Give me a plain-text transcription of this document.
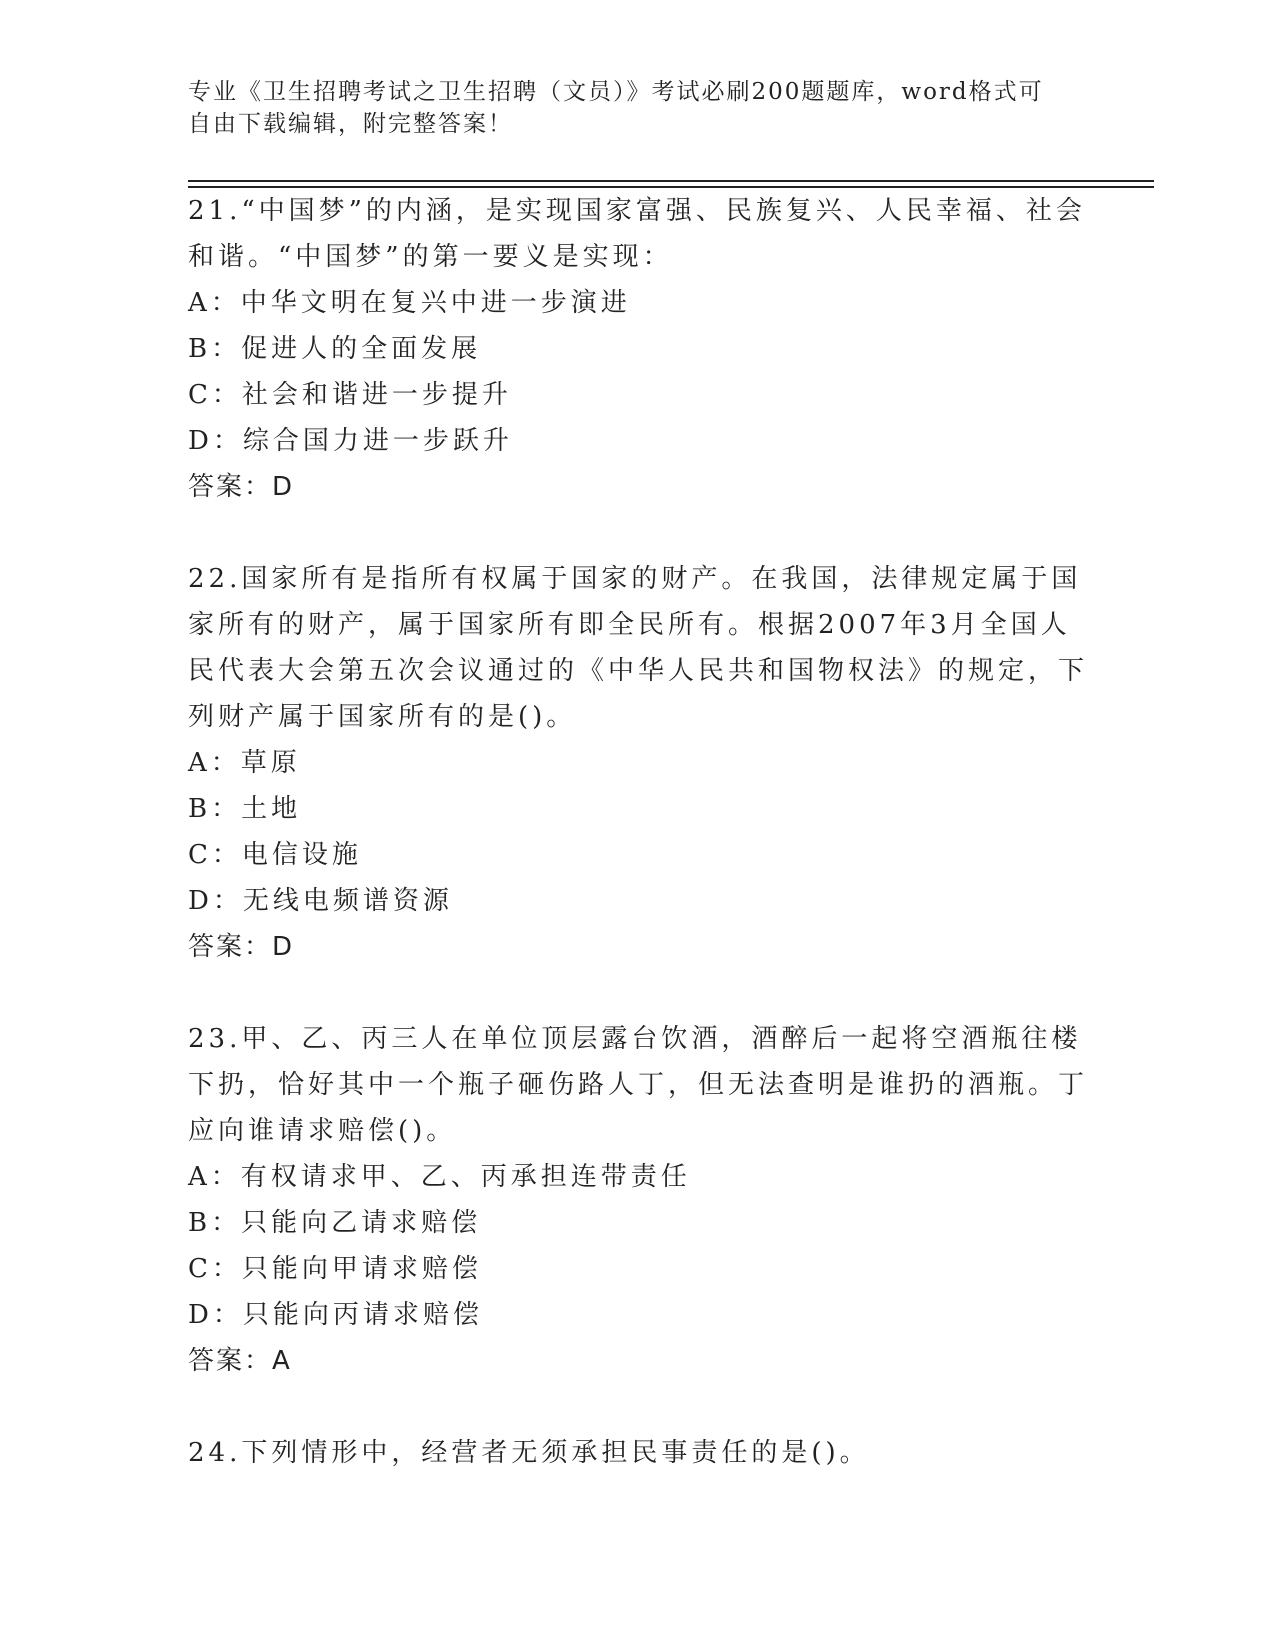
专业《卫生招聘考试之卫生招聘（文员）》考试必刷200题题库，word格式可自由下载编辑，附完整答案！

21.“中国梦”的内涵，是实现国家富强、民族复兴、人民幸福、社会和谐。“中国梦”的第一要义是实现：

A：中华文明在复兴中进一步演进

B：促进人的全面发展

C：社会和谐进一步提升

D：综合国力进一步跃升

答案：D

22.国家所有是指所有权属于国家的财产。在我国，法律规定属于国家所有的财产，属于国家所有即全民所有。根据2007年3月全国人民代表大会第五次会议通过的《中华人民共和国物权法》的规定，下列财产属于国家所有的是()。

A：草原

B：土地

C：电信设施

D：无线电频谱资源

答案：D

23.甲、乙、丙三人在单位顶层露台饮酒，酒醉后一起将空酒瓶往楼下扔，恰好其中一个瓶子砸伤路人丁，但无法查明是谁扔的酒瓶。丁应向谁请求赔偿()。

A：有权请求甲、乙、丙承担连带责任

B：只能向乙请求赔偿

C：只能向甲请求赔偿

D：只能向丙请求赔偿

答案：A

24.下列情形中，经营者无须承担民事责任的是()。
